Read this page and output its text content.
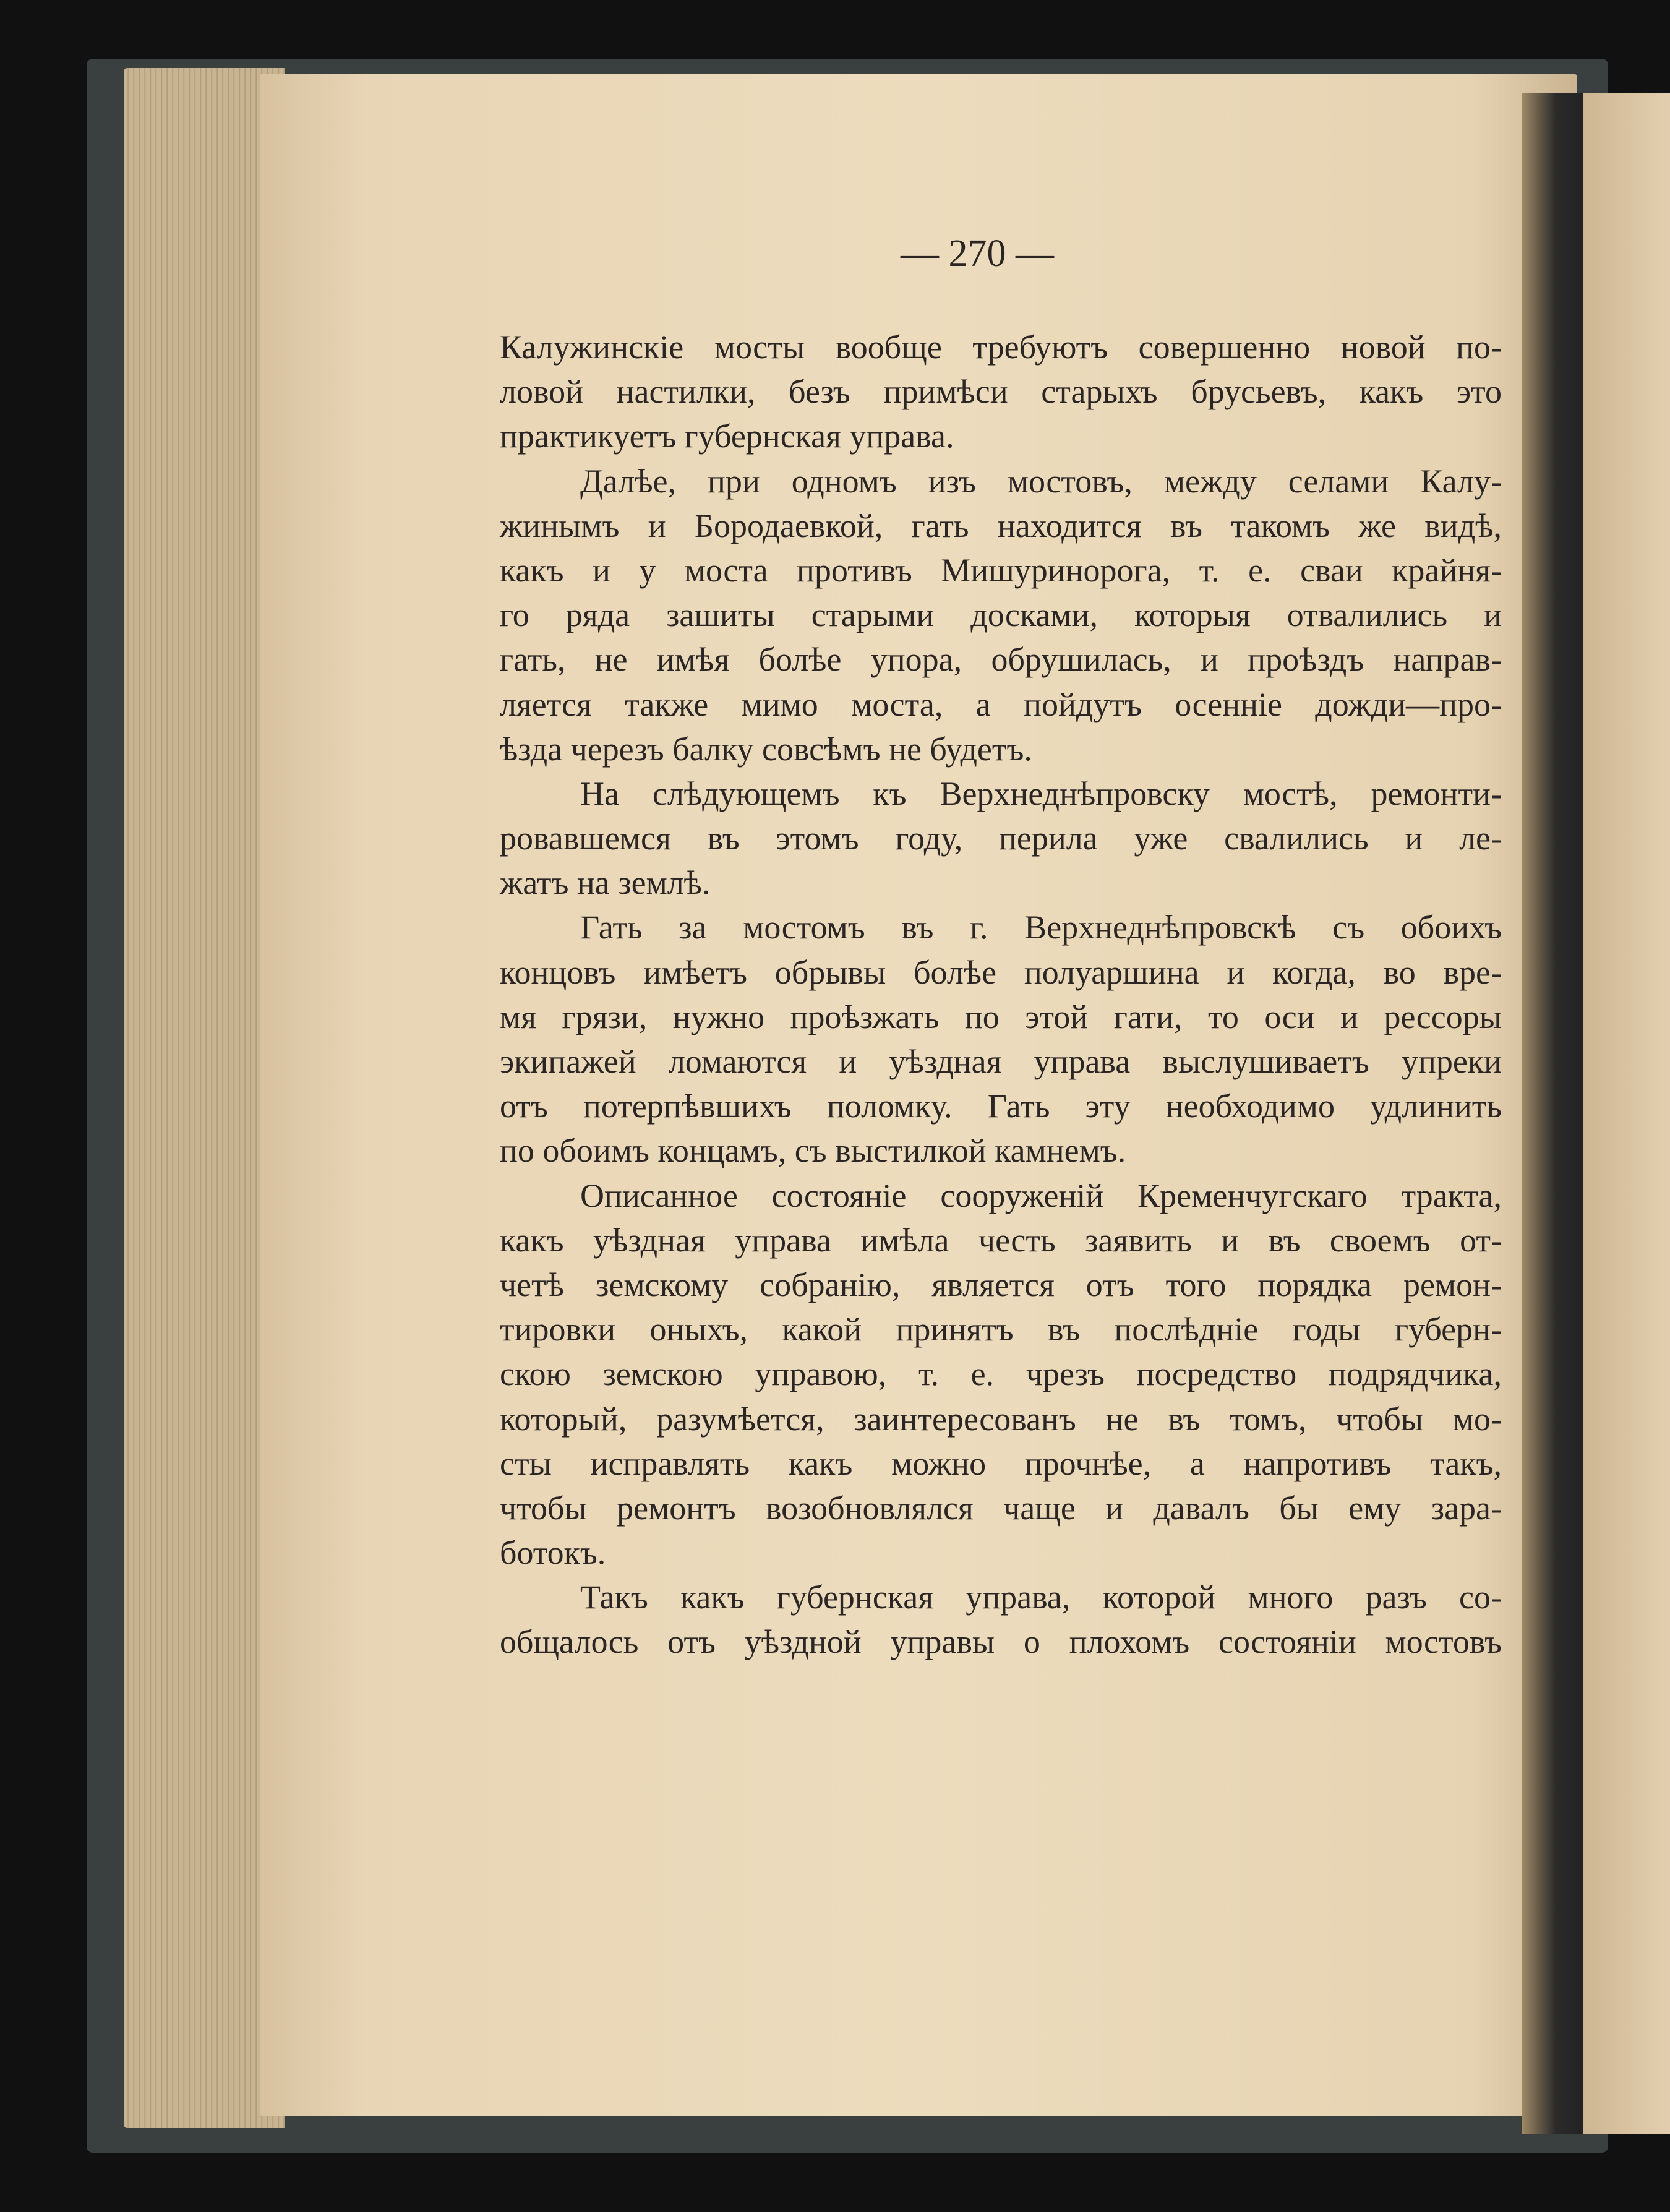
— 270 —
Калужинскіе мосты вообще требуютъ совершенно новой по-
ловой настилки, безъ примѣси старыхъ брусьевъ, какъ это
практикуетъ губернская управа.
Далѣе, при одномъ изъ мостовъ, между селами Калу-
жинымъ и Бородаевкой, гать находится въ такомъ же видѣ,
какъ и у моста противъ Мишуринорога, т. е. сваи крайня-
го ряда зашиты старыми досками, которыя отвалились и
гать, не имѣя болѣе упора, обрушилась, и проѣздъ направ-
ляется также мимо моста, а пойдутъ осенніе дожди—про-
ѣзда черезъ балку совсѣмъ не будетъ.
На слѣдующемъ къ Верхнеднѣпровску мостѣ, ремонти-
ровавшемся въ этомъ году, перила уже свалились и ле-
жатъ на землѣ.
Гать за мостомъ въ г. Верхнеднѣпровскѣ съ обоихъ
концовъ имѣетъ обрывы болѣе полуаршина и когда, во вре-
мя грязи, нужно проѣзжать по этой гати, то оси и рессоры
экипажей ломаются и уѣздная управа выслушиваетъ упреки
отъ потерпѣвшихъ поломку. Гать эту необходимо удлинить
по обоимъ концамъ, съ выстилкой камнемъ.
Описанное состояніе сооруженій Кременчугскаго тракта,
какъ уѣздная управа имѣла честь заявить и въ своемъ от-
четѣ земскому собранію, является отъ того порядка ремон-
тировки оныхъ, какой принятъ въ послѣдніе годы губерн-
скою земскою управою, т. е. чрезъ посредство подрядчика,
который, разумѣется, заинтересованъ не въ томъ, чтобы мо-
сты исправлять какъ можно прочнѣе, а напротивъ такъ,
чтобы ремонтъ возобновлялся чаще и давалъ бы ему зара-
ботокъ.
Такъ какъ губернская управа, которой много разъ со-
общалось отъ уѣздной управы о плохомъ состояніи мостовъ
